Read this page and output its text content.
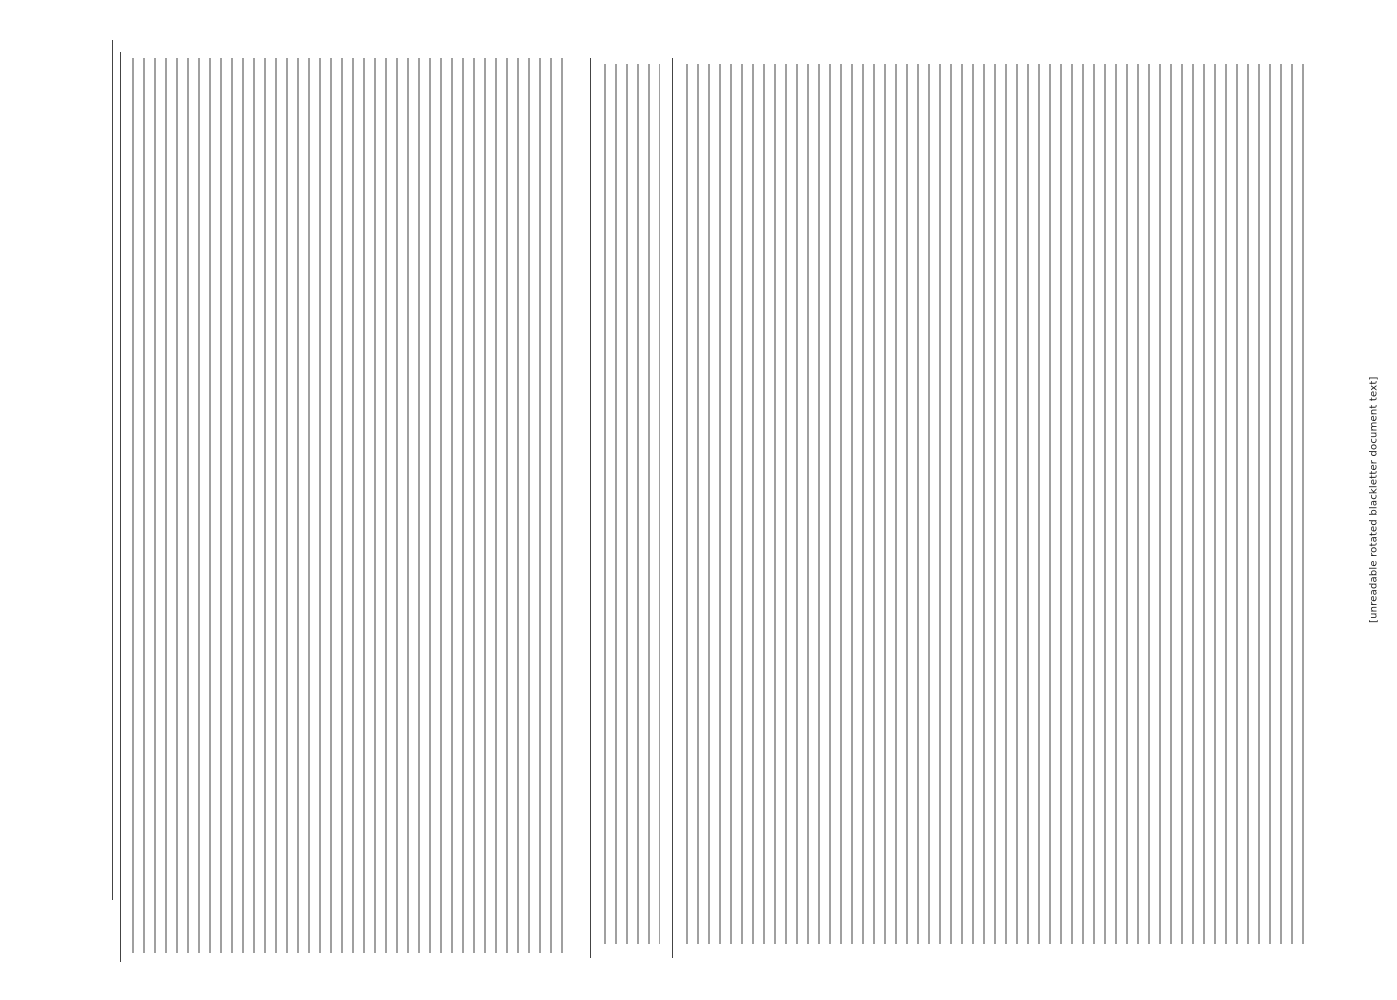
[unreadable rotated blackletter document text]
